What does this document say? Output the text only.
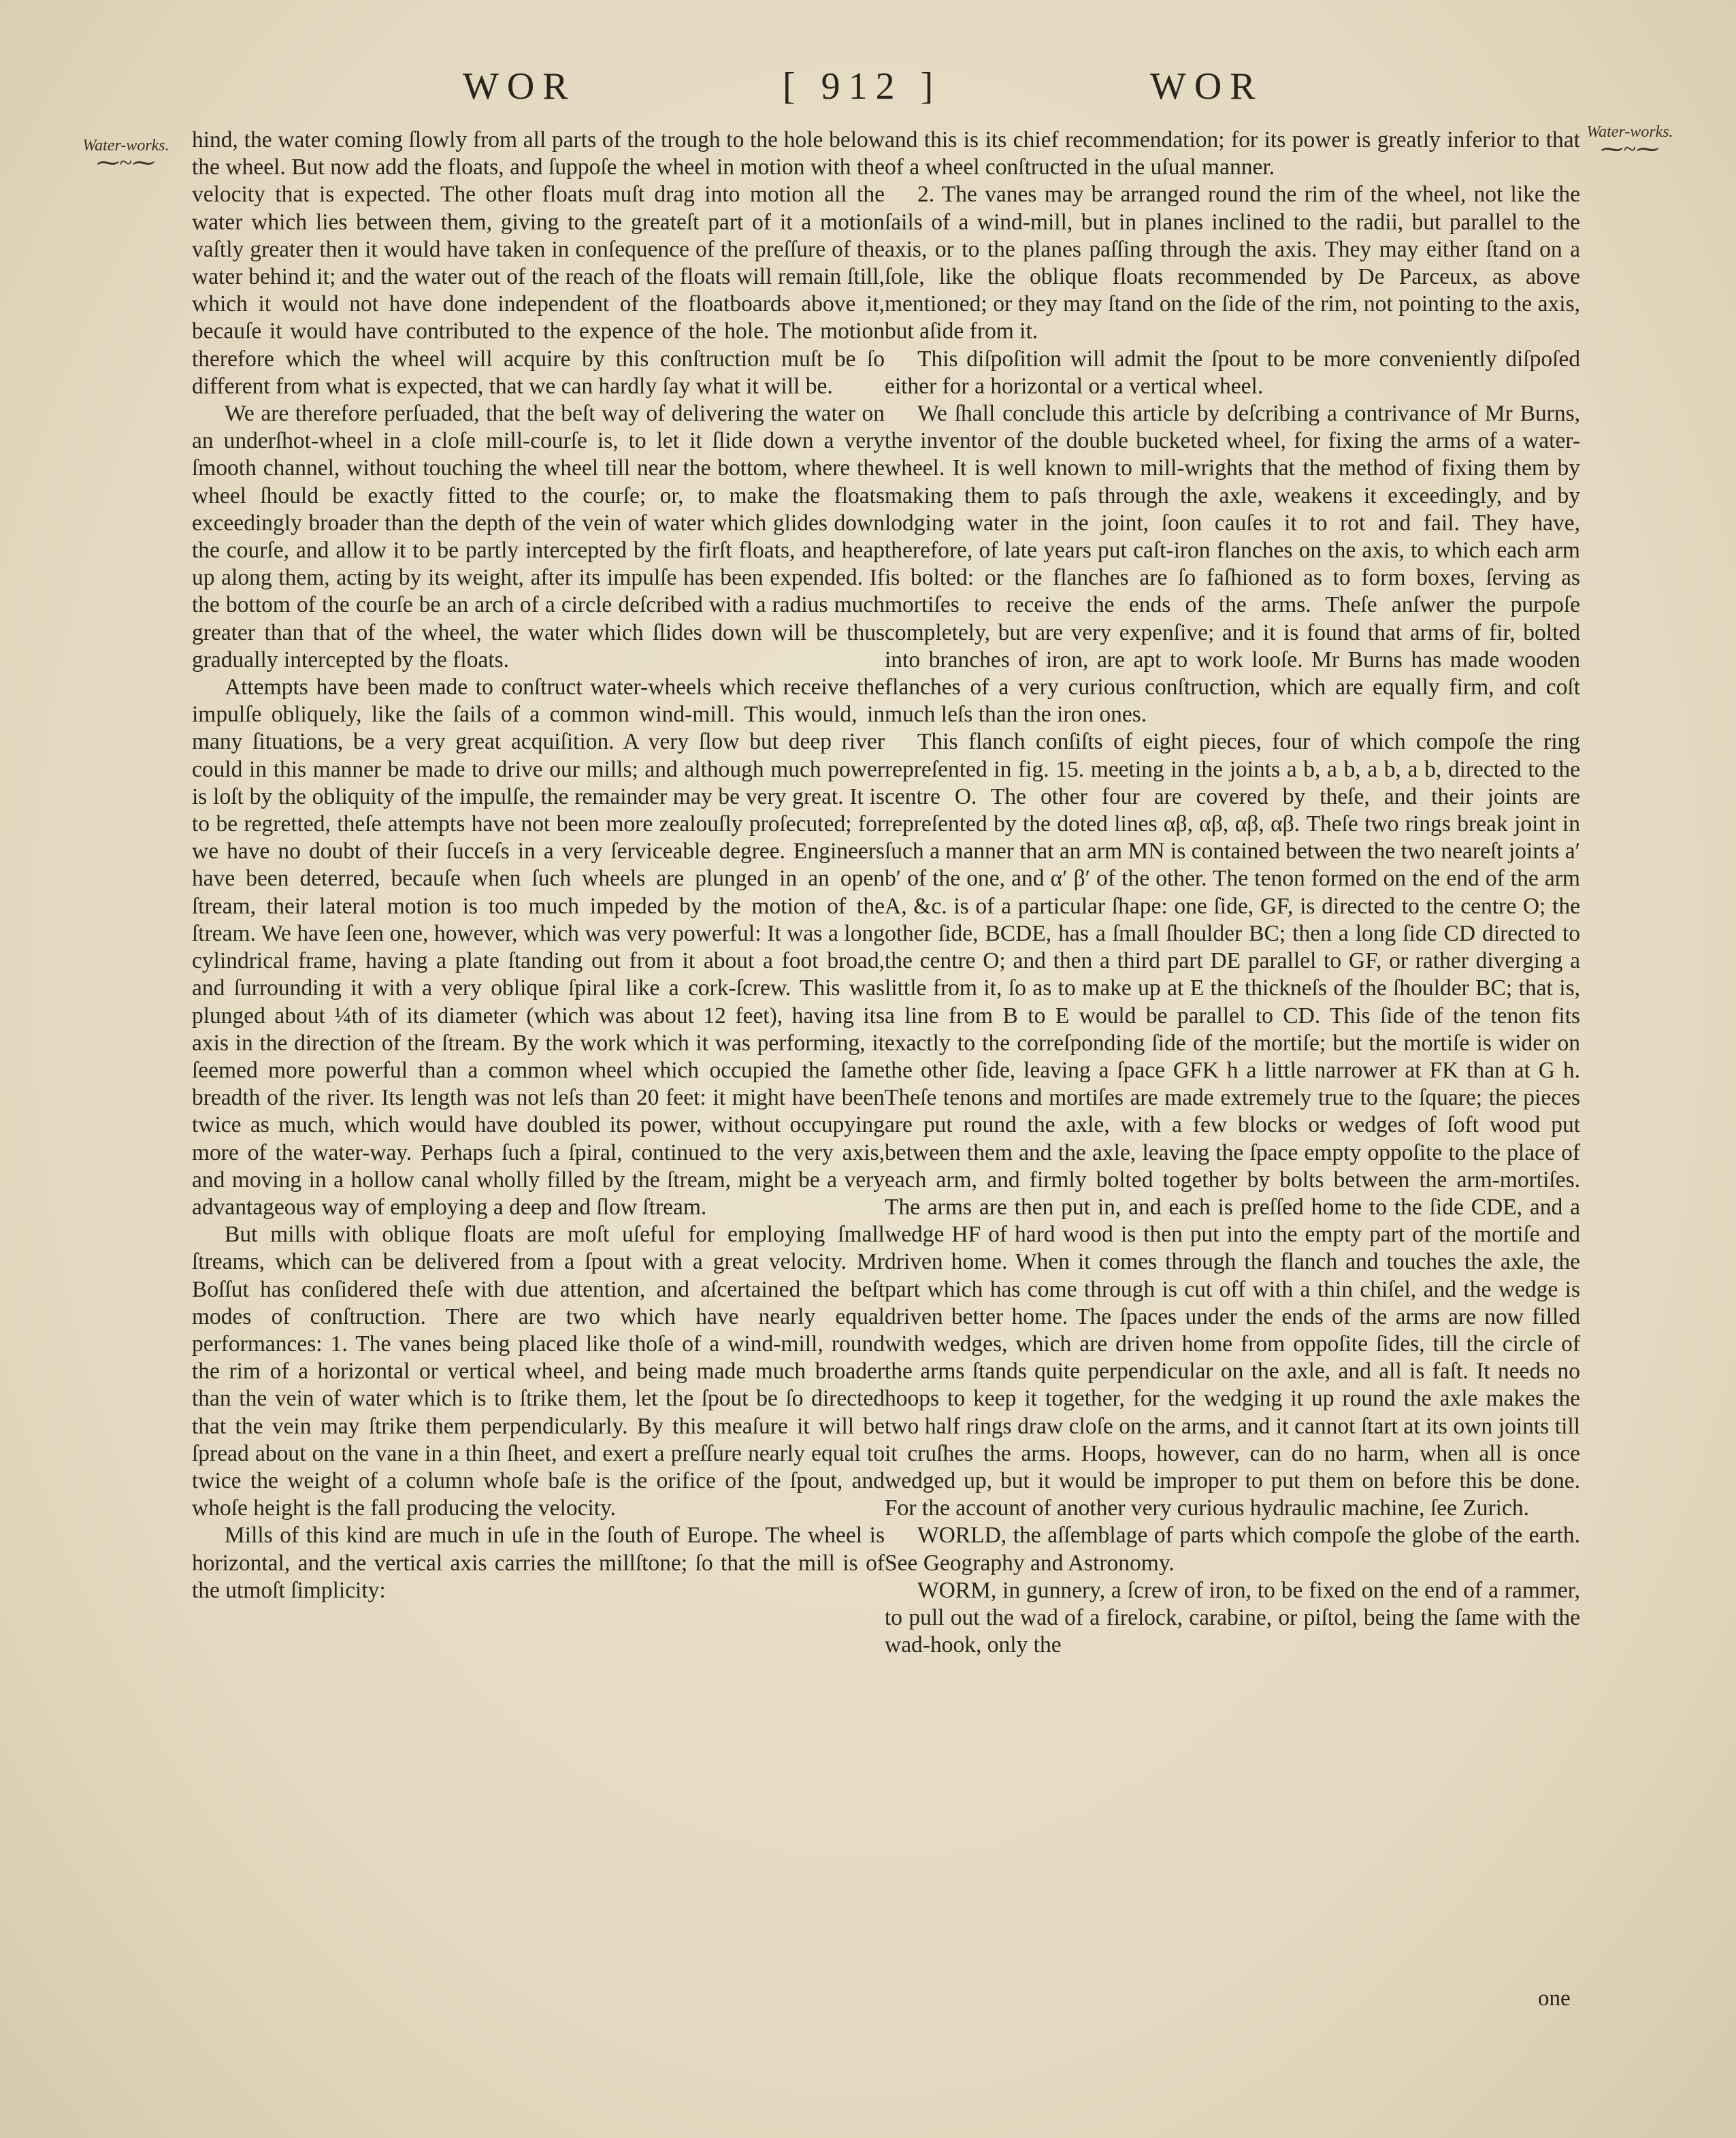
WOR	[ 912 ]	WOR
Water-works.
⁓~⁓
Water-works.
⁓~⁓

hind, the water coming ſlowly from all parts of the trough to the hole below the wheel. But now add the floats, and ſuppoſe the wheel in motion with the velocity that is expected. The other floats muſt drag into motion all the water which lies between them, giving to the greateſt part of it a motion vaſtly greater then it would have taken in conſequence of the preſſure of the water behind it; and the water out of the reach of the floats will remain ſtill, which it would not have done independent of the floatboards above it, becauſe it would have contributed to the expence of the hole. The motion therefore which the wheel will acquire by this conſtruction muſt be ſo different from what is expected, that we can hardly ſay what it will be.

We are therefore perſuaded, that the beſt way of delivering the water on an underſhot-wheel in a cloſe mill-courſe is, to let it ſlide down a very ſmooth channel, without touching the wheel till near the bottom, where the wheel ſhould be exactly fitted to the courſe; or, to make the floats exceedingly broader than the depth of the vein of water which glides down the courſe, and allow it to be partly intercepted by the firſt floats, and heap up along them, acting by its weight, after its impulſe has been expended. If the bottom of the courſe be an arch of a circle deſcribed with a radius much greater than that of the wheel, the water which ſlides down will be thus gradually intercepted by the floats.

Attempts have been made to conſtruct water-wheels which receive the impulſe obliquely, like the ſails of a common wind-mill. This would, in many ſituations, be a very great acquiſition. A very ſlow but deep river could in this manner be made to drive our mills; and although much power is loſt by the obliquity of the impulſe, the remainder may be very great. It is to be regretted, theſe attempts have not been more zealouſly proſecuted; for we have no doubt of their ſucceſs in a very ſerviceable degree. Engineers have been deterred, becauſe when ſuch wheels are plunged in an open ſtream, their lateral motion is too much impeded by the motion of the ſtream. We have ſeen one, however, which was very powerful: It was a long cylindrical frame, having a plate ſtanding out from it about a foot broad, and ſurrounding it with a very oblique ſpiral like a cork-ſcrew. This was plunged about ¼th of its diameter (which was about 12 feet), having its axis in the direction of the ſtream. By the work which it was performing, it ſeemed more powerful than a common wheel which occupied the ſame breadth of the river. Its length was not leſs than 20 feet: it might have been twice as much, which would have doubled its power, without occupying more of the water-way. Perhaps ſuch a ſpiral, continued to the very axis, and moving in a hollow canal wholly filled by the ſtream, might be a very advantageous way of employing a deep and ſlow ſtream.

But mills with oblique floats are moſt uſeful for employing ſmall ſtreams, which can be delivered from a ſpout with a great velocity. Mr Boſſut has conſidered theſe with due attention, and aſcertained the beſt modes of conſtruction. There are two which have nearly equal performances: 1. The vanes being placed like thoſe of a wind-mill, round the rim of a horizontal or vertical wheel, and being made much broader than the vein of water which is to ſtrike them, let the ſpout be ſo directed that the vein may ſtrike them perpendicularly. By this meaſure it will be ſpread about on the vane in a thin ſheet, and exert a preſſure nearly equal to twice the weight of a column whoſe baſe is the orifice of the ſpout, and whoſe height is the fall producing the velocity.

Mills of this kind are much in uſe in the ſouth of Europe. The wheel is horizontal, and the vertical axis carries the millſtone; ſo that the mill is of the utmoſt ſimplicity:

and this is its chief recommendation; for its power is greatly inferior to that of a wheel conſtructed in the uſual manner.

2. The vanes may be arranged round the rim of the wheel, not like the ſails of a wind-mill, but in planes inclined to the radii, but parallel to the axis, or to the planes paſſing through the axis. They may either ſtand on a ſole, like the oblique floats recommended by De Parceux, as above mentioned; or they may ſtand on the ſide of the rim, not pointing to the axis, but aſide from it.

This diſpoſition will admit the ſpout to be more conveniently diſpoſed either for a horizontal or a vertical wheel.

We ſhall conclude this article by deſcribing a contrivance of Mr Burns, the inventor of the double bucketed wheel, for fixing the arms of a water-wheel. It is well known to mill-wrights that the method of fixing them by making them to paſs through the axle, weakens it exceedingly, and by lodging water in the joint, ſoon cauſes it to rot and fail. They have, therefore, of late years put caſt-iron flanches on the axis, to which each arm is bolted: or the flanches are ſo faſhioned as to form boxes, ſerving as mortiſes to receive the ends of the arms. Theſe anſwer the purpoſe completely, but are very expenſive; and it is found that arms of fir, bolted into branches of iron, are apt to work looſe. Mr Burns has made wooden flanches of a very curious conſtruction, which are equally firm, and coſt much leſs than the iron ones.

This flanch conſiſts of eight pieces, four of which compoſe the ring repreſented in fig. 15. meeting in the joints a b, a b, a b, a b, directed to the centre O. The other four are covered by theſe, and their joints are repreſented by the doted lines αβ, αβ, αβ, αβ. Theſe two rings break joint in ſuch a manner that an arm MN is contained between the two neareſt joints a′ b′ of the one, and α′ β′ of the other. The tenon formed on the end of the arm A, &c. is of a particular ſhape: one ſide, GF, is directed to the centre O; the other ſide, BCDE, has a ſmall ſhoulder BC; then a long ſide CD directed to the centre O; and then a third part DE parallel to GF, or rather diverging a little from it, ſo as to make up at E the thickneſs of the ſhoulder BC; that is, a line from B to E would be parallel to CD. This ſide of the tenon fits exactly to the correſponding ſide of the mortiſe; but the mortiſe is wider on the other ſide, leaving a ſpace GFK h a little narrower at FK than at G h. Theſe tenons and mortiſes are made extremely true to the ſquare; the pieces are put round the axle, with a few blocks or wedges of ſoft wood put between them and the axle, leaving the ſpace empty oppoſite to the place of each arm, and firmly bolted together by bolts between the arm-mortiſes. The arms are then put in, and each is preſſed home to the ſide CDE, and a wedge HF of hard wood is then put into the empty part of the mortiſe and driven home. When it comes through the flanch and touches the axle, the part which has come through is cut off with a thin chiſel, and the wedge is driven better home. The ſpaces under the ends of the arms are now filled with wedges, which are driven home from oppoſite ſides, till the circle of the arms ſtands quite perpendicular on the axle, and all is faſt. It needs no hoops to keep it together, for the wedging it up round the axle makes the two half rings draw cloſe on the arms, and it cannot ſtart at its own joints till it cruſhes the arms. Hoops, however, can do no harm, when all is once wedged up, but it would be improper to put them on before this be done. For the account of another very curious hydraulic machine, ſee Zurich.

WORLD, the aſſemblage of parts which compoſe the globe of the earth. See Geography and Astronomy.

WORM, in gunnery, a ſcrew of iron, to be fixed on the end of a rammer, to pull out the wad of a firelock, carabine, or piſtol, being the ſame with the wad-hook, only the

one
